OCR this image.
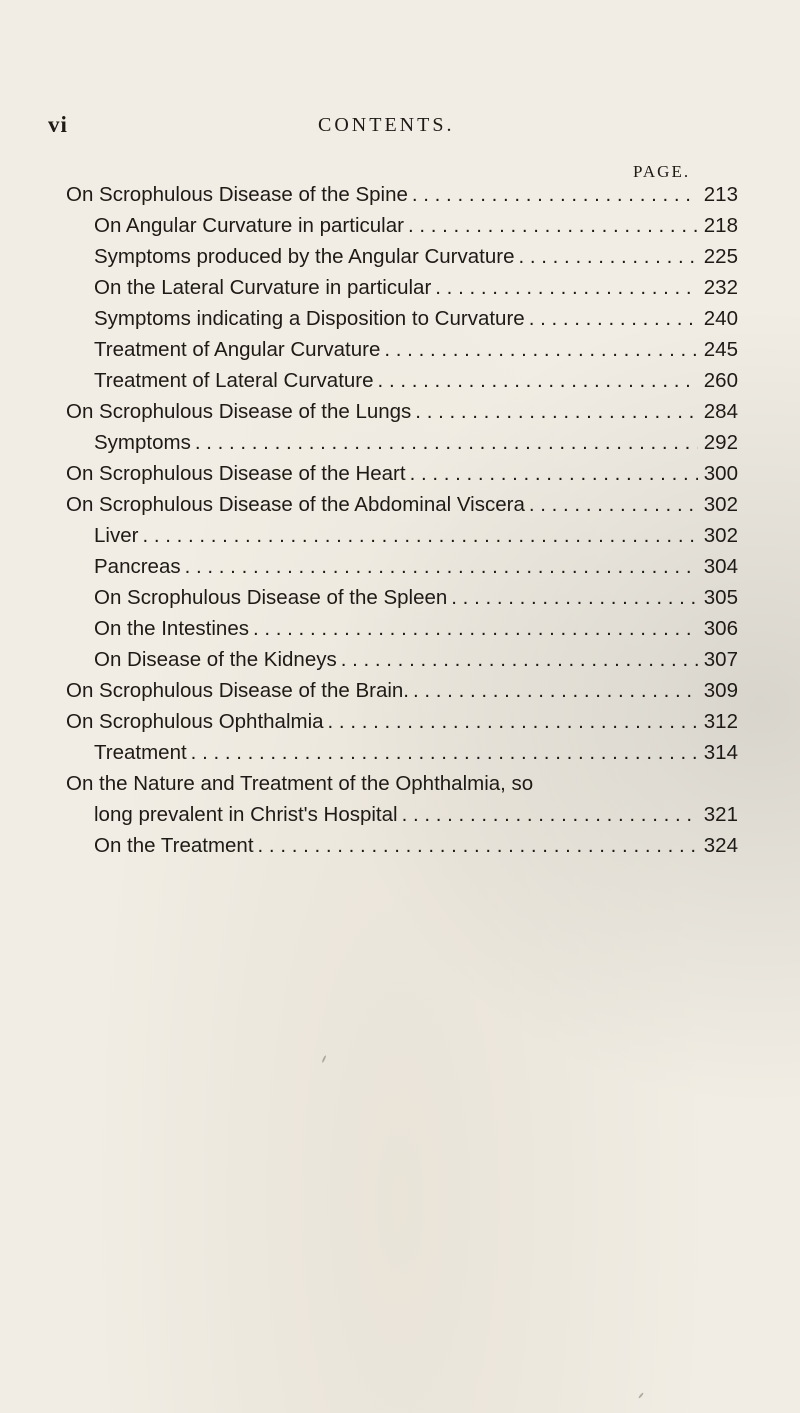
vi	CONTENTS.
PAGE.
On Scrophulous Disease of the Spine . . .	213
On Angular Curvature in particular . . .	218
Symptoms produced by the Angular Curvature . . .	225
On the Lateral Curvature in particular . . .	232
Symptoms indicating a Disposition to Curvature . . .	240
Treatment of Angular Curvature . . .	245
Treatment of Lateral Curvature . . .	260
On Scrophulous Disease of the Lungs . . .	284
Symptoms . . .	292
On Scrophulous Disease of the Heart . . .	300
On Scrophulous Disease of the Abdominal Viscera . . .	302
Liver . . .	302
Pancreas . . .	304
On Scrophulous Disease of the Spleen . . .	305
On the Intestines . . .	306
On Disease of the Kidneys . . .	307
On Scrophulous Disease of the Brain. . . .	309
On Scrophulous Ophthalmia . . .	312
Treatment . . .	314
On the Nature and Treatment of the Ophthalmia, so
long prevalent in Christ's Hospital . . .	321
On the Treatment . . .	324
